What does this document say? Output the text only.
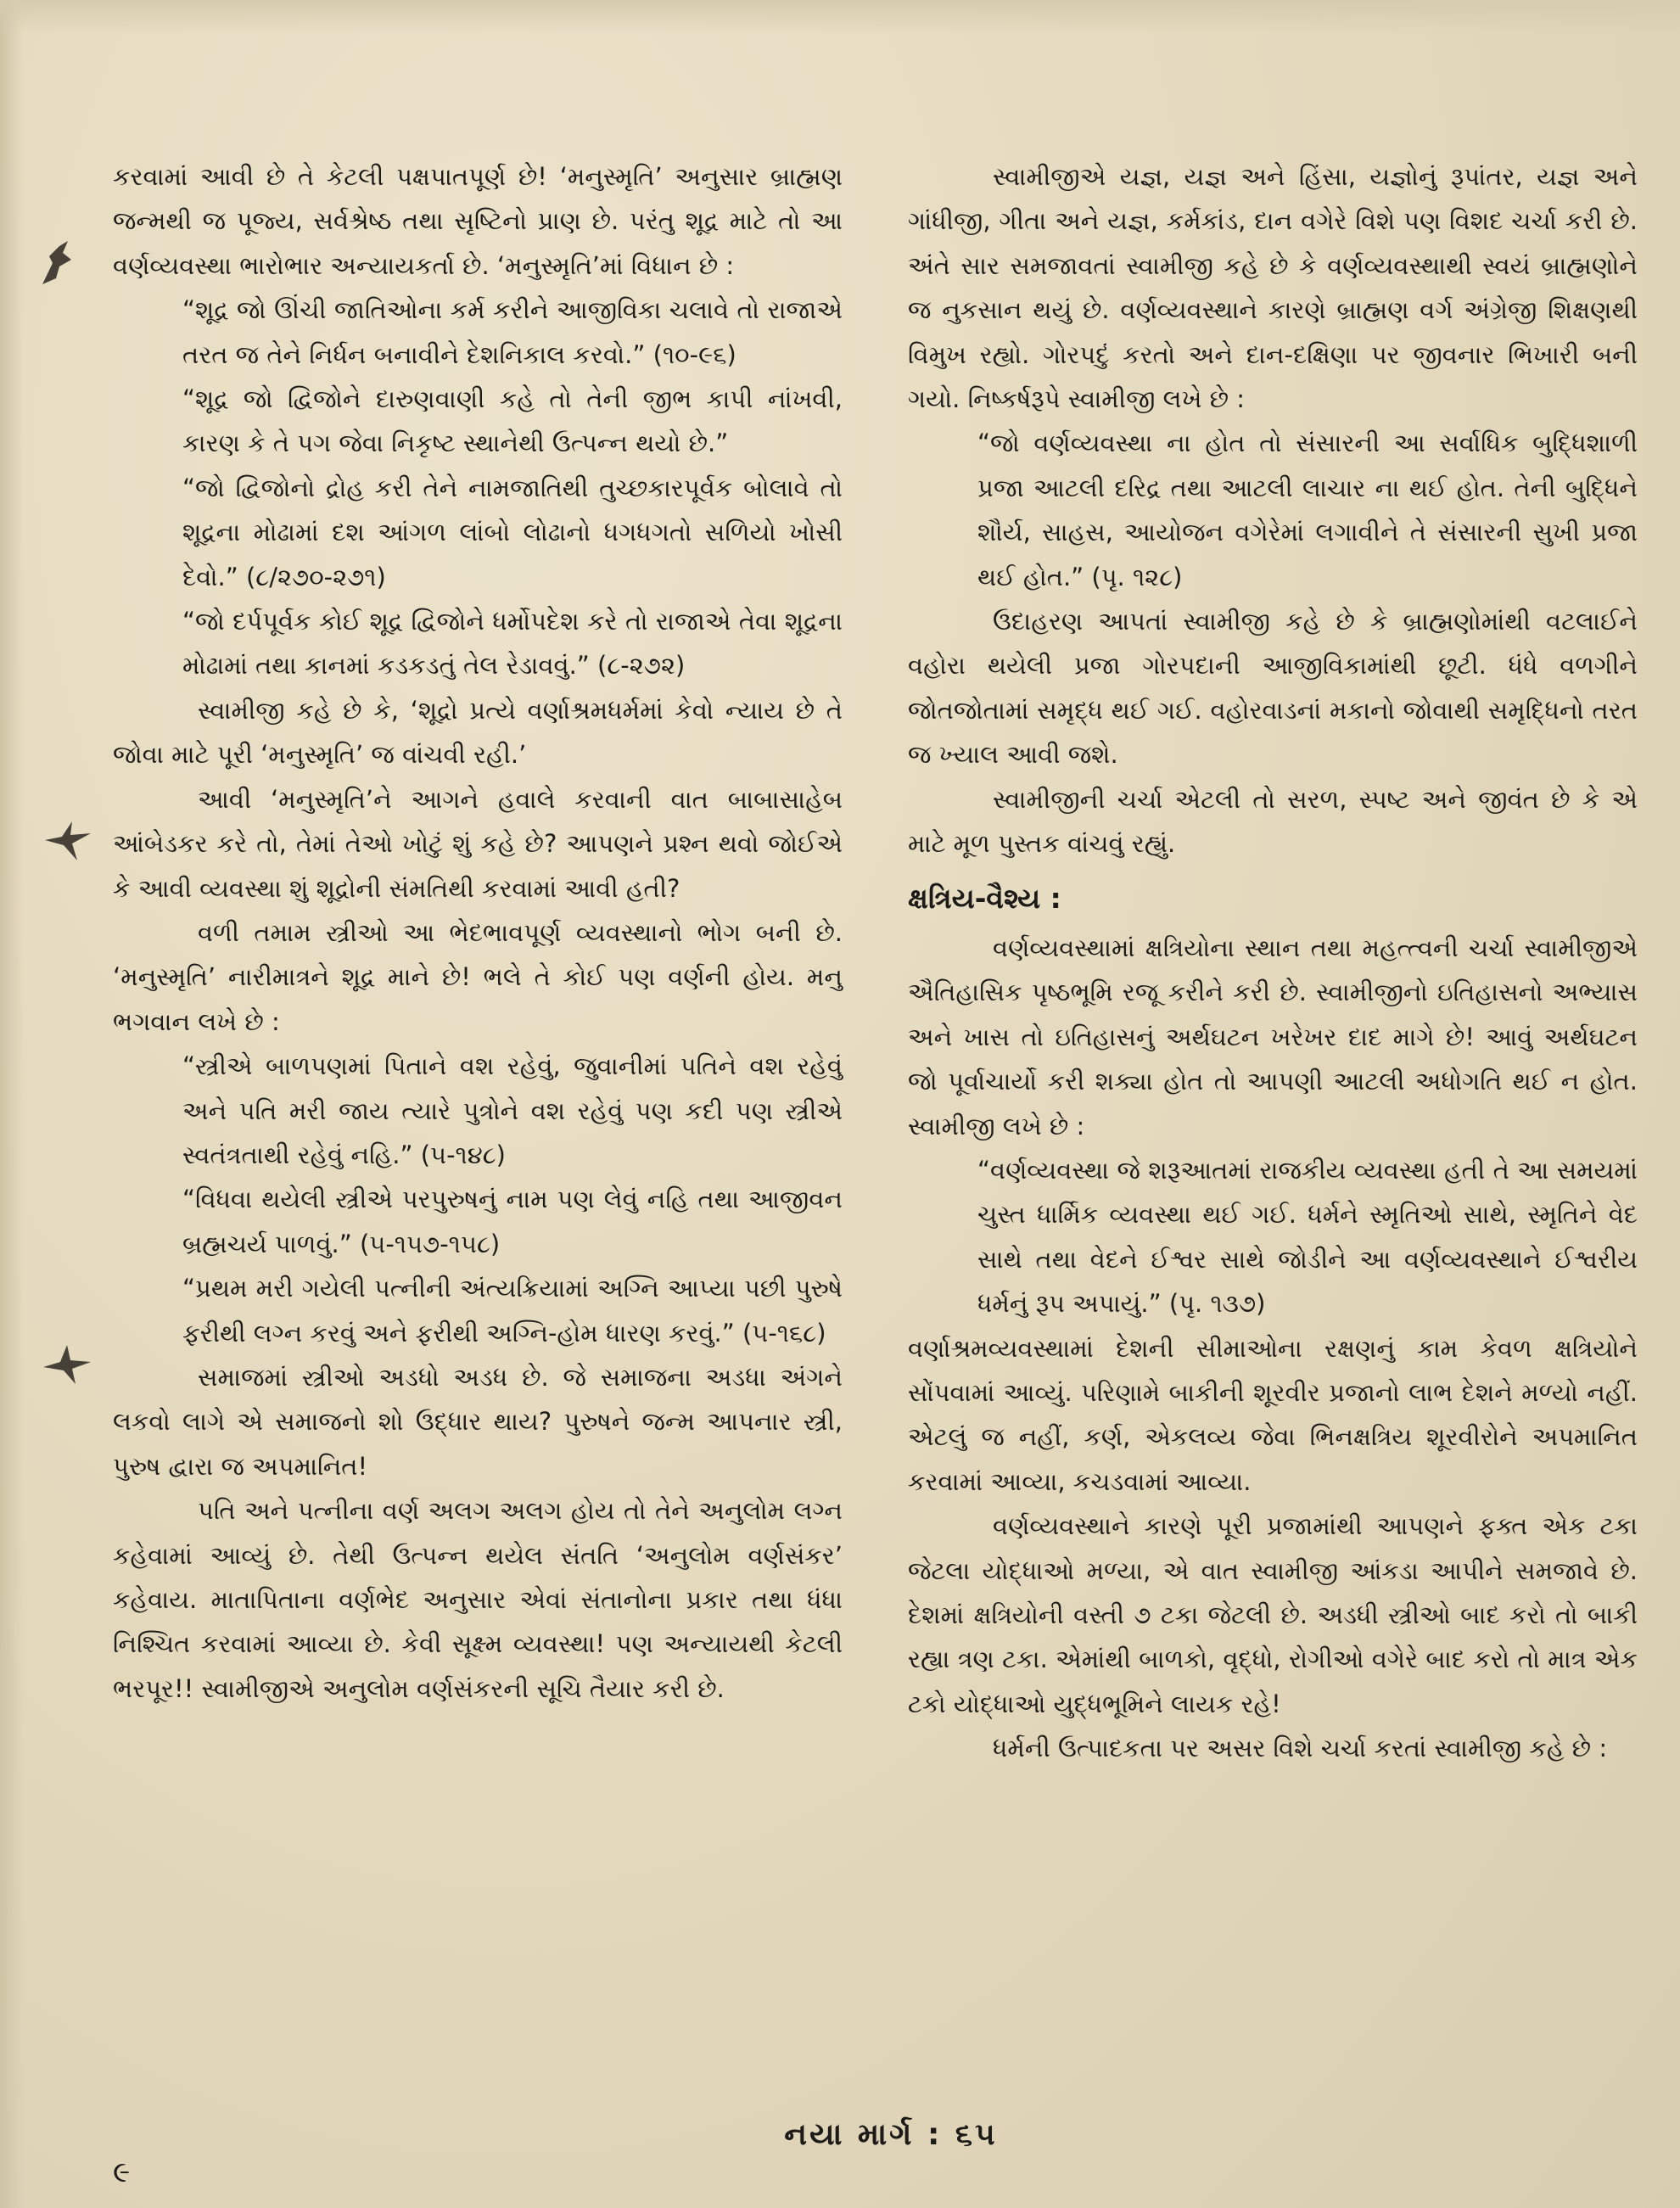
કરવામાં આવી છે તે કેટલી પક્ષપાતપૂર્ણ છે! ‘મનુસ્મૃતિ’ અનુસાર બ્રાહ્મણ જન્મથી જ પૂજ્ય, સર્વશ્રેષ્ઠ તથા સૃષ્ટિનો પ્રાણ છે. પરંતુ શૂદ્ર માટે તો આ વર્ણવ્યવસ્થા ભારોભાર અન્યાયકર્તા છે. ‘મનુસ્મૃતિ’માં વિધાન છે :

“શૂદ્ર જો ઊંચી જાતિઓના કર્મ કરીને આજીવિકા ચલાવે તો રાજાએ તરત જ તેને નિર્ધન બનાવીને દેશનિકાલ કરવો.” (૧૦-૯૬)

“શૂદ્ર જો દ્વિજોને દારુણવાણી કહે તો તેની જીભ કાપી નાંખવી, કારણ કે તે પગ જેવા નિકૃષ્ટ સ્થાનેથી ઉત્પન્ન થયો છે.”

“જો દ્વિજોનો દ્રોહ કરી તેને નામજાતિથી તુચ્છકારપૂર્વક બોલાવે તો શૂદ્રના મોઢામાં દશ આંગળ લાંબો લોઢાનો ધગધગતો સળિયો ખોસી દેવો.” (૮/૨૭૦-૨૭૧)

“જો દર્પપૂર્વક કોઈ શૂદ્ર દ્વિજોને ધર્મોપદેશ કરે તો રાજાએ તેવા શૂદ્રના મોઢામાં તથા કાનમાં કડકડતું તેલ રેડાવવું.” (૮-૨૭૨)

સ્વામીજી કહે છે કે, ‘શૂદ્રો પ્રત્યે વર્ણાશ્રમધર્મમાં કેવો ન્યાય છે તે જોવા માટે પૂરી ‘મનુસ્મૃતિ’ જ વાંચવી રહી.’

આવી ‘મનુસ્મૃતિ’ને આગને હવાલે કરવાની વાત બાબાસાહેબ આંબેડકર કરે તો, તેમાં તેઓ ખોટું શું કહે છે? આપણને પ્રશ્ન થવો જોઈએ કે આવી વ્યવસ્થા શું શૂદ્રોની સંમતિથી કરવામાં આવી હતી?

વળી તમામ સ્ત્રીઓ આ ભેદભાવપૂર્ણ વ્યવસ્થાનો ભોગ બની છે. ‘મનુસ્મૃતિ’ નારીમાત્રને શૂદ્ર માને છે! ભલે તે કોઈ પણ વર્ણની હોય. મનુ ભગવાન લખે છે :

“સ્ત્રીએ બાળપણમાં પિતાને વશ રહેવું, જુવાનીમાં પતિને વશ રહેવું અને પતિ મરી જાય ત્યારે પુત્રોને વશ રહેવું પણ કદી પણ સ્ત્રીએ સ્વતંત્રતાથી રહેવું નહિ.” (૫-૧૪૮)

“વિધવા થયેલી સ્ત્રીએ પરપુરુષનું નામ પણ લેવું નહિ તથા આજીવન બ્રહ્મચર્ય પાળવું.” (૫-૧૫૭-૧૫૮)

“પ્રથમ મરી ગયેલી પત્નીની અંત્યક્રિયામાં અગ્નિ આપ્યા પછી પુરુષે ફરીથી લગ્ન કરવું અને ફરીથી અગ્નિ-હોમ ધારણ કરવું.” (૫-૧૬૮)

સમાજમાં સ્ત્રીઓ અડધો અડધ છે. જે સમાજના અડધા અંગને લકવો લાગે એ સમાજનો શો ઉદ્ધાર થાય? પુરુષને જન્મ આપનાર સ્ત્રી, પુરુષ દ્વારા જ અપમાનિત!

પતિ અને પત્નીના વર્ણ અલગ અલગ હોય તો તેને અનુલોમ લગ્ન કહેવામાં આવ્યું છે. તેથી ઉત્પન્ન થયેલ સંતતિ ‘અનુલોમ વર્ણસંકર’ કહેવાય. માતાપિતાના વર્ણભેદ અનુસાર એવાં સંતાનોના પ્રકાર તથા ધંધા નિશ્ચિત કરવામાં આવ્યા છે. કેવી સૂક્ષ્મ વ્યવસ્થા! પણ અન્યાયથી કેટલી ભરપૂર!! સ્વામીજીએ અનુલોમ વર્ણસંકરની સૂચિ તૈયાર કરી છે.

સ્વામીજીએ યજ્ઞ, યજ્ઞ અને હિંસા, યજ્ઞોનું રૂપાંતર, યજ્ઞ અને ગાંધીજી, ગીતા અને યજ્ઞ, કર્મકાંડ, દાન વગેરે વિશે પણ વિશદ ચર્ચા કરી છે. અંતે સાર સમજાવતાં સ્વામીજી કહે છે કે વર્ણવ્યવસ્થાથી સ્વયં બ્રાહ્મણોને જ નુકસાન થયું છે. વર્ણવ્યવસ્થાને કારણે બ્રાહ્મણ વર્ગ અંગ્રેજી શિક્ષણથી વિમુખ રહ્યો. ગોરપદું કરતો અને દાન-દક્ષિણા પર જીવનાર ભિખારી બની ગયો. નિષ્કર્ષરૂપે સ્વામીજી લખે છે :

“જો વર્ણવ્યવસ્થા ના હોત તો સંસારની આ સર્વાધિક બુદ્ધિશાળી પ્રજા આટલી દરિદ્ર તથા આટલી લાચાર ના થઈ હોત. તેની બુદ્ધિને શૌર્ય, સાહસ, આયોજન વગેરેમાં લગાવીને તે સંસારની સુખી પ્રજા થઈ હોત.” (પૃ. ૧૨૮)

ઉદાહરણ આપતાં સ્વામીજી કહે છે કે બ્રાહ્મણોમાંથી વટલાઈને વહોરા થયેલી પ્રજા ગોરપદાની આજીવિકામાંથી છૂટી. ધંધે વળગીને જોતજોતામાં સમૃદ્ધ થઈ ગઈ. વહોરવાડનાં મકાનો જોવાથી સમૃદ્ધિનો તરત જ ખ્યાલ આવી જશે.

સ્વામીજીની ચર્ચા એટલી તો સરળ, સ્પષ્ટ અને જીવંત છે કે એ માટે મૂળ પુસ્તક વાંચવું રહ્યું.

ક્ષત્રિય-વૈશ્ય :

વર્ણવ્યવસ્થામાં ક્ષત્રિયોના સ્થાન તથા મહત્ત્વની ચર્ચા સ્વામીજીએ ઐતિહાસિક પૃષ્ઠભૂમિ રજૂ કરીને કરી છે. સ્વામીજીનો ઇતિહાસનો અભ્યાસ અને ખાસ તો ઇતિહાસનું અર્થઘટન ખરેખર દાદ માગે છે! આવું અર્થઘટન જો પૂર્વાચાર્યો કરી શક્યા હોત તો આપણી આટલી અધોગતિ થઈ ન હોત. સ્વામીજી લખે છે :

“વર્ણવ્યવસ્થા જે શરૂઆતમાં રાજકીય વ્યવસ્થા હતી તે આ સમયમાં ચુસ્ત ધાર્મિક વ્યવસ્થા થઈ ગઈ. ધર્મને સ્મૃતિઓ સાથે, સ્મૃતિને વેદ સાથે તથા વેદને ઈશ્વર સાથે જોડીને આ વર્ણવ્યવસ્થાને ઈશ્વરીય ધર્મનું રૂપ અપાયું.” (પૃ. ૧૩૭)

વર્ણાશ્રમવ્યવસ્થામાં દેશની સીમાઓના રક્ષણનું કામ કેવળ ક્ષત્રિયોને સોંપવામાં આવ્યું. પરિણામે બાકીની શૂરવીર પ્રજાનો લાભ દેશને મળ્યો નહીં. એટલું જ નહીં, કર્ણ, એકલવ્ય જેવા ભિનક્ષત્રિય શૂરવીરોને અપમાનિત કરવામાં આવ્યા, કચડવામાં આવ્યા.

વર્ણવ્યવસ્થાને કારણે પૂરી પ્રજામાંથી આપણને ફક્ત એક ટકા જેટલા યોદ્ધાઓ મળ્યા, એ વાત સ્વામીજી આંકડા આપીને સમજાવે છે. દેશમાં ક્ષત્રિયોની વસ્તી ૭ ટકા જેટલી છે. અડધી સ્ત્રીઓ બાદ કરો તો બાકી રહ્યા ત્રણ ટકા. એમાંથી બાળકો, વૃદ્ધો, રોગીઓ વગેરે બાદ કરો તો માત્ર એક ટકો યોદ્ધાઓ યુદ્ધભૂમિને લાયક રહે!

ધર્મની ઉત્પાદકતા પર અસર વિશે ચર્ચા કરતાં સ્વામીજી કહે છે :

નયા માર્ગ : ૬૫
૯
